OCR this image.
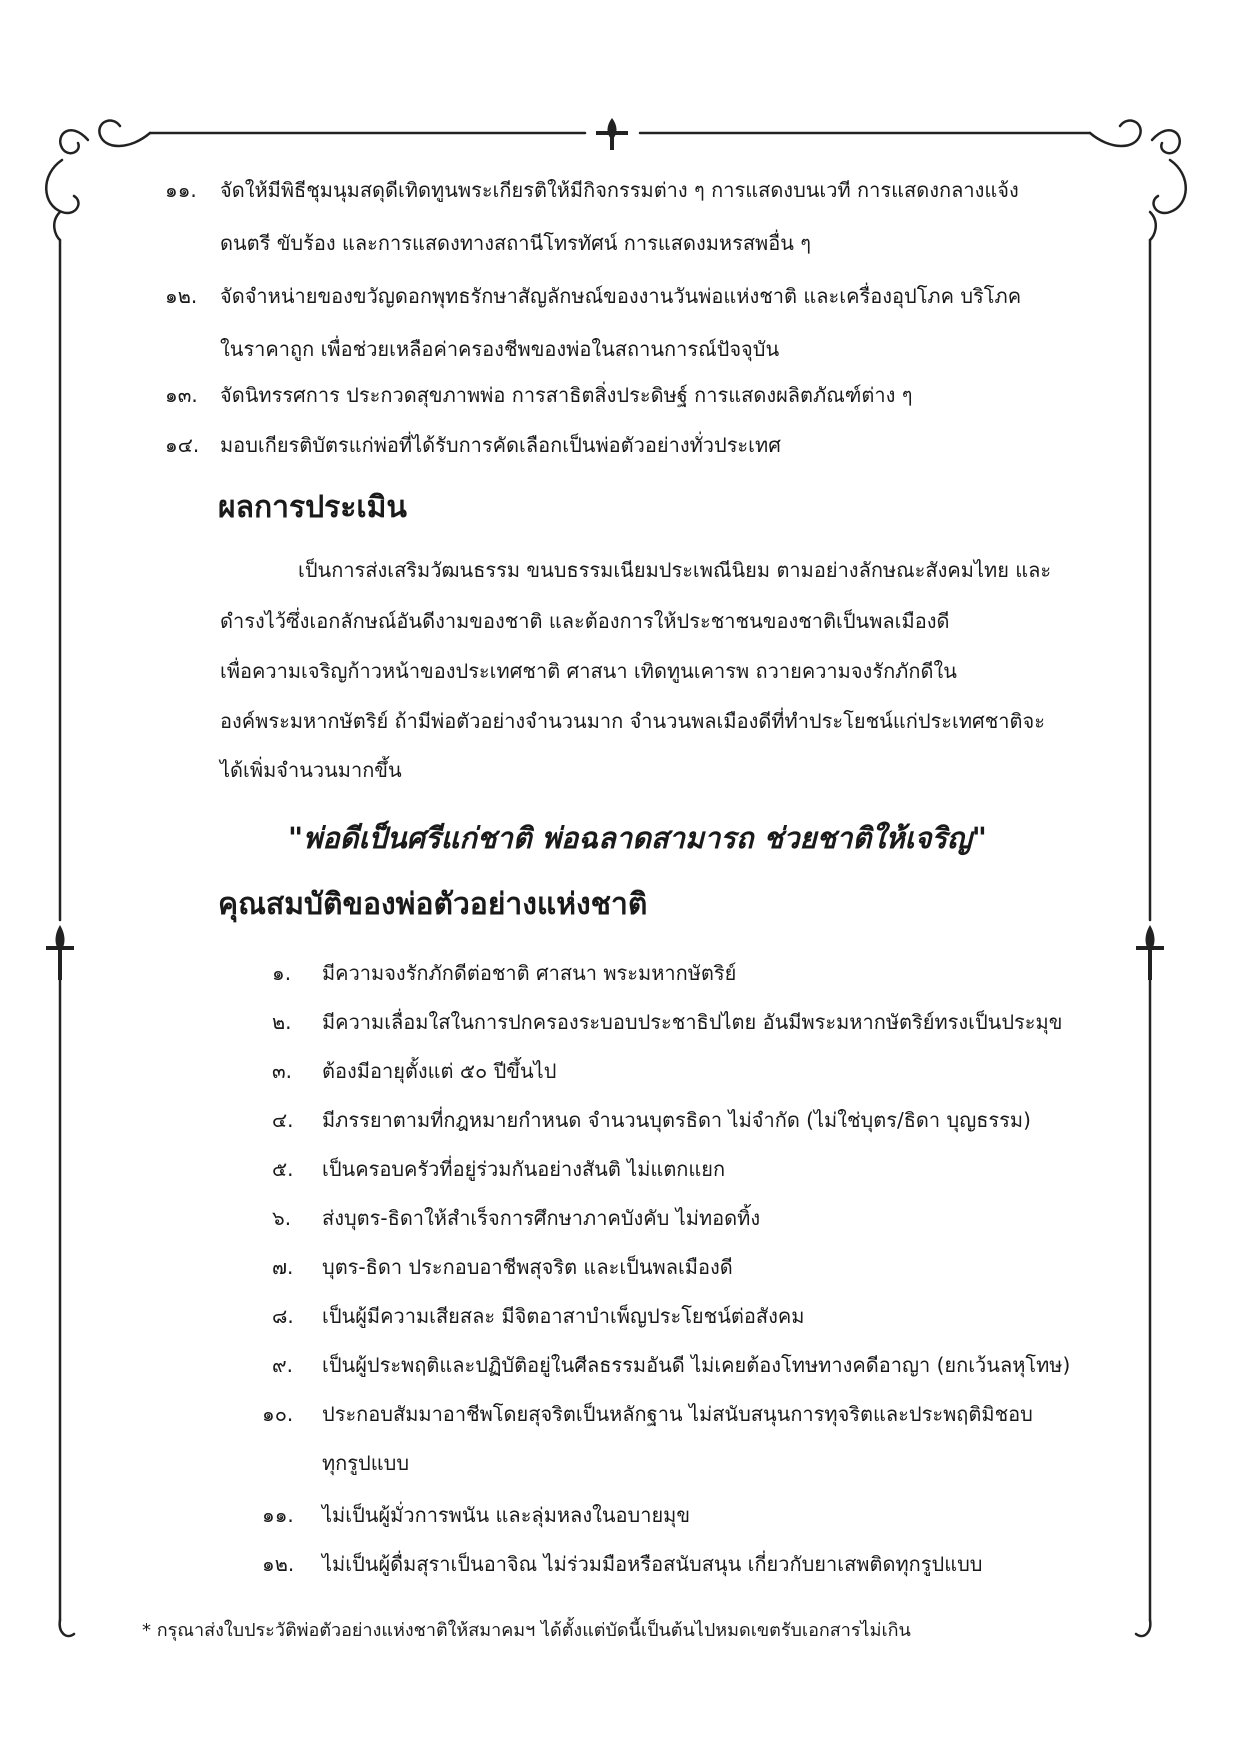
๑๑. จัดให้มีพิธีชุมนุมสดุดีเทิดทูนพระเกียรติให้มีกิจกรรมต่าง ๆ การแสดงบนเวที การแสดงกลางแจ้ง
ดนตรี ขับร้อง และการแสดงทางสถานีโทรทัศน์ การแสดงมหรสพอื่น ๆ
๑๒. จัดจำหน่ายของขวัญดอกพุทธรักษาสัญลักษณ์ของงานวันพ่อแห่งชาติ และเครื่องอุปโภค บริโภค
ในราคาถูก เพื่อช่วยเหลือค่าครองชีพของพ่อในสถานการณ์ปัจจุบัน
๑๓. จัดนิทรรศการ ประกวดสุขภาพพ่อ การสาธิตสิ่งประดิษฐ์ การแสดงผลิตภัณฑ์ต่าง ๆ
๑๔. มอบเกียรติบัตรแก่พ่อที่ได้รับการคัดเลือกเป็นพ่อตัวอย่างทั่วประเทศ
ผลการประเมิน
เป็นการส่งเสริมวัฒนธรรม ขนบธรรมเนียมประเพณีนิยม ตามอย่างลักษณะสังคมไทย และ
ดำรงไว้ซึ่งเอกลักษณ์อันดีงามของชาติ และต้องการให้ประชาชนของชาติเป็นพลเมืองดี
เพื่อความเจริญก้าวหน้าของประเทศชาติ ศาสนา เทิดทูนเคารพ ถวายความจงรักภักดีใน
องค์พระมหากษัตริย์ ถ้ามีพ่อตัวอย่างจำนวนมาก จำนวนพลเมืองดีที่ทำประโยชน์แก่ประเทศชาติจะ
ได้เพิ่มจำนวนมากขึ้น
"พ่อดีเป็นศรีแก่ชาติ พ่อฉลาดสามารถ ช่วยชาติให้เจริญ"
คุณสมบัติของพ่อตัวอย่างแห่งชาติ
๑. มีความจงรักภักดีต่อชาติ ศาสนา พระมหากษัตริย์
๒. มีความเลื่อมใสในการปกครองระบอบประชาธิปไตย อันมีพระมหากษัตริย์ทรงเป็นประมุข
๓. ต้องมีอายุตั้งแต่ ๕๐ ปีขึ้นไป
๔. มีภรรยาตามที่กฎหมายกำหนด จำนวนบุตรธิดา ไม่จำกัด (ไม่ใช่บุตร/ธิดา บุญธรรม)
๕. เป็นครอบครัวที่อยู่ร่วมกันอย่างสันติ ไม่แตกแยก
๖. ส่งบุตร-ธิดาให้สำเร็จการศึกษาภาคบังคับ ไม่ทอดทิ้ง
๗. บุตร-ธิดา ประกอบอาชีพสุจริต และเป็นพลเมืองดี
๘. เป็นผู้มีความเสียสละ มีจิตอาสาบำเพ็ญประโยชน์ต่อสังคม
๙. เป็นผู้ประพฤติและปฏิบัติอยู่ในศีลธรรมอันดี ไม่เคยต้องโทษทางคดีอาญา (ยกเว้นลหุโทษ)
๑๐. ประกอบสัมมาอาชีพโดยสุจริตเป็นหลักฐาน ไม่สนับสนุนการทุจริตและประพฤติมิชอบ
ทุกรูปแบบ
๑๑. ไม่เป็นผู้มั่วการพนัน และลุ่มหลงในอบายมุข
๑๒. ไม่เป็นผู้ดื่มสุราเป็นอาจิณ ไม่ร่วมมือหรือสนับสนุน เกี่ยวกับยาเสพติดทุกรูปแบบ
* กรุณาส่งใบประวัติพ่อตัวอย่างแห่งชาติให้สมาคมฯ ได้ตั้งแต่บัดนี้เป็นต้นไปหมดเขตรับเอกสารไม่เกิน
